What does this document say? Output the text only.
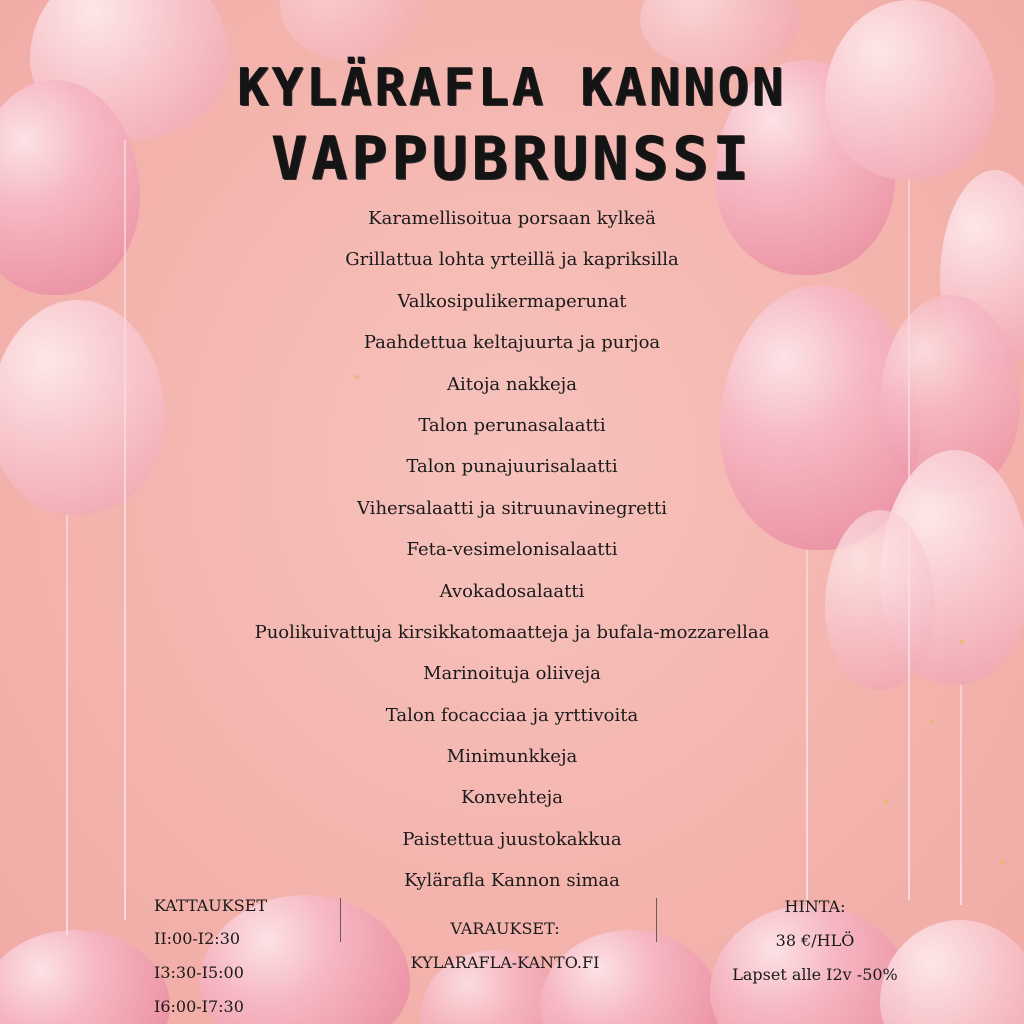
KYLÄRAFLA KANNON
VAPPUBRUNSSI
Karamellisoitua porsaan kylkeä
Grillattua lohta yrteillä ja kapriksilla
Valkosipulikermaperunat
Paahdettua keltajuurta ja purjoa
Aitoja nakkeja
Talon perunasalaatti
Talon punajuurisalaatti
Vihersalaatti ja sitruunavinegretti
Feta-vesimelonisalaatti
Avokadosalaatti
Puolikuivattuja kirsikkatomaatteja ja bufala-mozzarellaa
Marinoituja oliiveja
Talon focacciaa ja yrttivoita
Minimunkkeja
Konvehteja
Paistettua juustokakkua
Kylärafla Kannon simaa
KATTAUKSET
II:00-I2:30
I3:30-I5:00
I6:00-I7:30
VARAUKSET:
KYLARAFLA-KANTO.FI
HINTA:
38 €/HLÖ
Lapset alle I2v -50%
